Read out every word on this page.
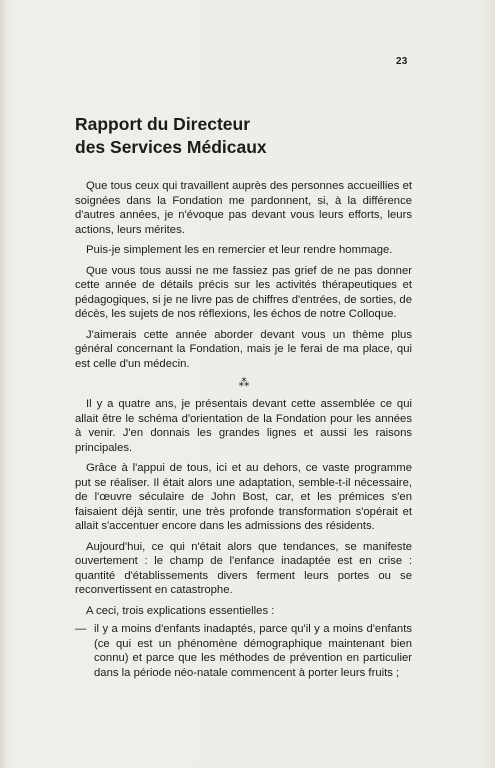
23
Rapport du Directeur
des Services Médicaux

Que tous ceux qui travaillent auprès des personnes accueillies et soignées dans la Fondation me pardonnent, si, à la différence d'autres années, je n'évoque pas devant vous leurs efforts, leurs actions, leurs mérites.

Puis-je simplement les en remercier et leur rendre hommage.

Que vous tous aussi ne me fassiez pas grief de ne pas donner cette année de détails précis sur les activités thérapeutiques et pédagogiques, si je ne livre pas de chiffres d'entrées, de sorties, de décès, les sujets de nos réflexions, les échos de notre Colloque.

J'aimerais cette année aborder devant vous un thème plus général concernant la Fondation, mais je le ferai de ma place, qui est celle d'un médecin.

⁂

Il y a quatre ans, je présentais devant cette assemblée ce qui allait être le schéma d'orientation de la Fondation pour les années à venir. J'en donnais les grandes lignes et aussi les raisons principales.

Grâce à l'appui de tous, ici et au dehors, ce vaste programme put se réaliser. Il était alors une adaptation, semble-t-il nécessaire, de l'œuvre séculaire de John Bost, car, et les prémices s'en faisaient déjà sentir, une très profonde transformation s'opérait et allait s'accentuer encore dans les admissions des résidents.

Aujourd'hui, ce qui n'était alors que tendances, se manifeste ouvertement : le champ de l'enfance inadaptée est en crise : quantité d'établissements divers ferment leurs portes ou se reconvertissent en catastrophe.

A ceci, trois explications essentielles :

— il y a moins d'enfants inadaptés, parce qu'il y a moins d'enfants (ce qui est un phénomène démographique maintenant bien connu) et parce que les méthodes de prévention en particulier dans la période néo-natale commencent à porter leurs fruits ;
